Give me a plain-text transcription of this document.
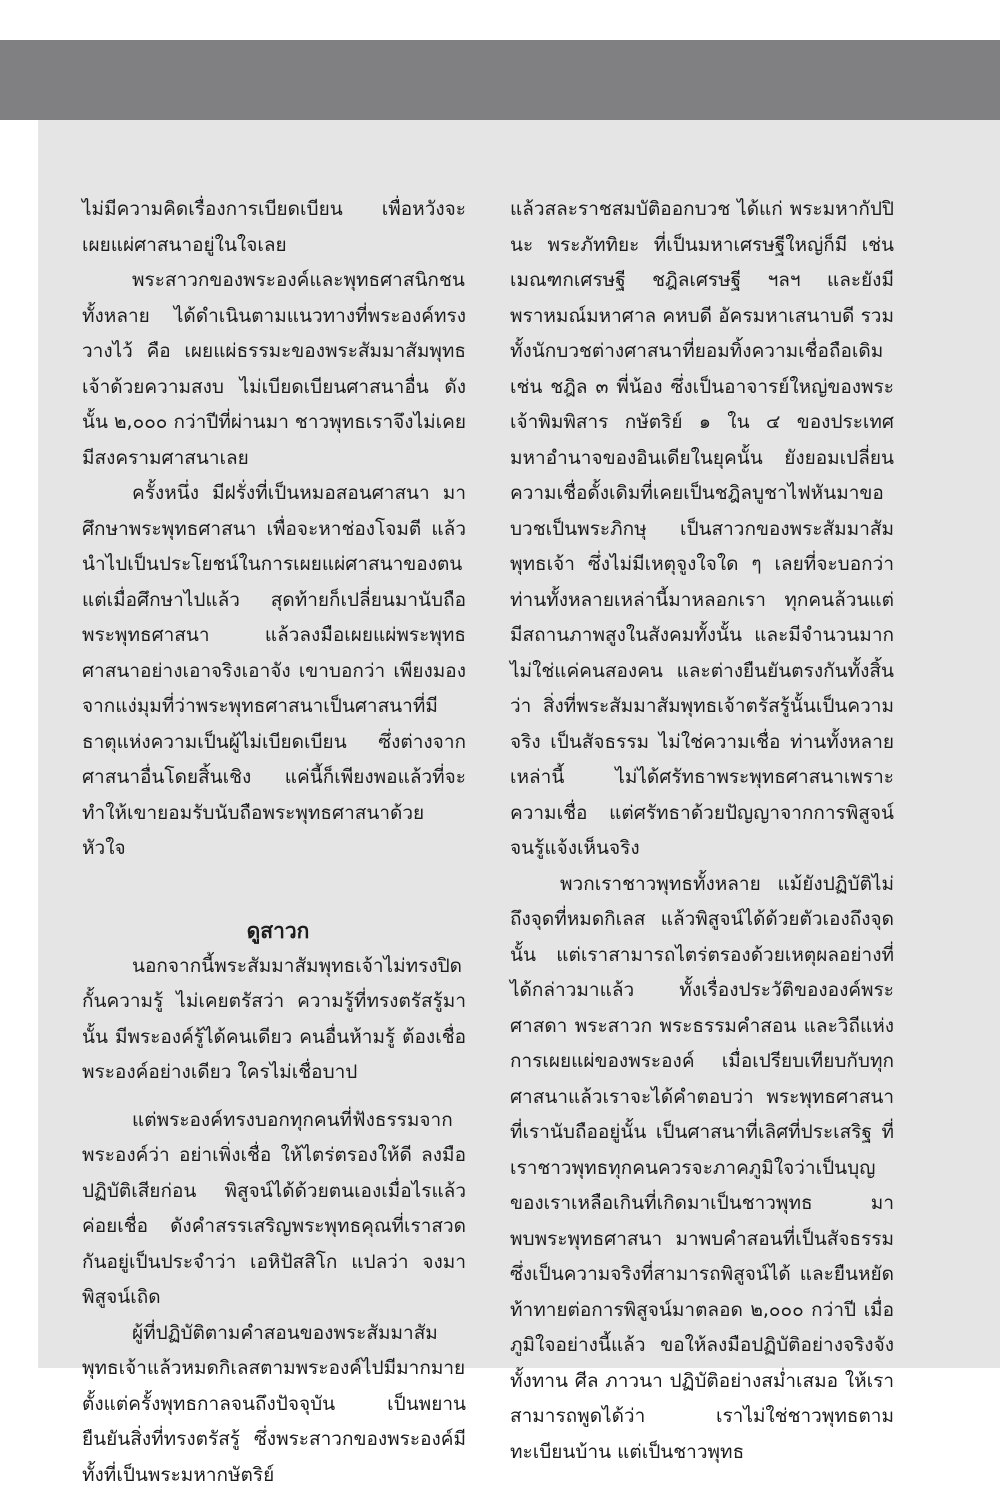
ไม่มีความคิดเรื่องการเบียดเบียน เพื่อหวังจะเผยแผ่ศาสนาอยู่ในใจเลย

พระสาวกของพระองค์และพุทธศาสนิกชนทั้งหลาย ได้ดำเนินตามแนวทางที่พระองค์ทรงวางไว้ คือ เผยแผ่ธรรมะของพระสัมมาสัมพุทธเจ้าด้วยความสงบ ไม่เบียดเบียนศาสนาอื่น ดังนั้น ๒,๐๐๐ กว่าปีที่ผ่านมา ชาวพุทธเราจึงไม่เคยมีสงครามศาสนาเลย

ครั้งหนึ่ง มีฝรั่งที่เป็นหมอสอนศาสนา มาศึกษาพระพุทธศาสนา เพื่อจะหาช่องโจมตี แล้วนำไปเป็นประโยชน์ในการเผยแผ่ศาสนาของตน แต่เมื่อศึกษาไปแล้ว สุดท้ายก็เปลี่ยนมานับถือพระพุทธศาสนา แล้วลงมือเผยแผ่พระพุทธศาสนาอย่างเอาจริงเอาจัง เขาบอกว่า เพียงมองจากแง่มุมที่ว่าพระพุทธศาสนาเป็นศาสนาที่มีธาตุแห่งความเป็นผู้ไม่เบียดเบียน ซึ่งต่างจากศาสนาอื่นโดยสิ้นเชิง แค่นี้ก็เพียงพอแล้วที่จะทำให้เขายอมรับนับถือพระพุทธศาสนาด้วยหัวใจ

ดูสาวก

นอกจากนี้พระสัมมาสัมพุทธเจ้าไม่ทรงปิดกั้นความรู้ ไม่เคยตรัสว่า ความรู้ที่ทรงตรัสรู้มานั้น มีพระองค์รู้ได้คนเดียว คนอื่นห้ามรู้ ต้องเชื่อพระองค์อย่างเดียว ใครไม่เชื่อบาป

แต่พระองค์ทรงบอกทุกคนที่ฟังธรรมจากพระองค์ว่า อย่าเพิ่งเชื่อ ให้ไตร่ตรองให้ดี ลงมือปฏิบัติเสียก่อน พิสูจน์ได้ด้วยตนเองเมื่อไรแล้วค่อยเชื่อ ดังคำสรรเสริญพระพุทธคุณที่เราสวดกันอยู่เป็นประจำว่า เอหิปัสสิโก แปลว่า จงมาพิสูจน์เถิด

ผู้ที่ปฏิบัติตามคำสอนของพระสัมมาสัมพุทธเจ้าแล้วหมดกิเลสตามพระองค์ไปมีมากมาย ตั้งแต่ครั้งพุทธกาลจนถึงปัจจุบัน เป็นพยานยืนยันสิ่งที่ทรงตรัสรู้ ซึ่งพระสาวกของพระองค์มีทั้งที่เป็นพระมหากษัตริย์

แล้วสละราชสมบัติออกบวช ได้แก่ พระมหากัปปินะ พระภัททิยะ ที่เป็นมหาเศรษฐีใหญ่ก็มี เช่น เมณฑกเศรษฐี ชฎิลเศรษฐี ฯลฯ และยังมีพราหมณ์มหาศาล คหบดี อัครมหาเสนาบดี รวมทั้งนักบวชต่างศาสนาที่ยอมทิ้งความเชื่อถือเดิม เช่น ชฎิล ๓ พี่น้อง ซึ่งเป็นอาจารย์ใหญ่ของพระเจ้าพิมพิสาร กษัตริย์ ๑ ใน ๔ ของประเทศมหาอำนาจของอินเดียในยุคนั้น ยังยอมเปลี่ยนความเชื่อดั้งเดิมที่เคยเป็นชฎิลบูชาไฟหันมาขอบวชเป็นพระภิกษุ เป็นสาวกของพระสัมมาสัมพุทธเจ้า ซึ่งไม่มีเหตุจูงใจใด ๆ เลยที่จะบอกว่าท่านทั้งหลายเหล่านี้มาหลอกเรา ทุกคนล้วนแต่มีสถานภาพสูงในสังคมทั้งนั้น และมีจำนวนมาก ไม่ใช่แค่คนสองคน และต่างยืนยันตรงกันทั้งสิ้นว่า สิ่งที่พระสัมมาสัมพุทธเจ้าตรัสรู้นั้นเป็นความจริง เป็นสัจธรรม ไม่ใช่ความเชื่อ ท่านทั้งหลายเหล่านี้ ไม่ได้ศรัทธาพระพุทธศาสนาเพราะความเชื่อ แต่ศรัทธาด้วยปัญญาจากการพิสูจน์จนรู้แจ้งเห็นจริง

พวกเราชาวพุทธทั้งหลาย แม้ยังปฏิบัติไม่ถึงจุดที่หมดกิเลส แล้วพิสูจน์ได้ด้วยตัวเองถึงจุดนั้น แต่เราสามารถไตร่ตรองด้วยเหตุผลอย่างที่ได้กล่าวมาแล้ว ทั้งเรื่องประวัติขององค์พระศาสดา พระสาวก พระธรรมคำสอน และวิถีแห่งการเผยแผ่ของพระองค์ เมื่อเปรียบเทียบกับทุกศาสนาแล้วเราจะได้คำตอบว่า พระพุทธศาสนาที่เรานับถืออยู่นั้น เป็นศาสนาที่เลิศที่ประเสริฐ ที่เราชาวพุทธทุกคนควรจะภาคภูมิใจว่าเป็นบุญของเราเหลือเกินที่เกิดมาเป็นชาวพุทธ มาพบพระพุทธศาสนา มาพบคำสอนที่เป็นสัจธรรม ซึ่งเป็นความจริงที่สามารถพิสูจน์ได้ และยืนหยัดท้าทายต่อการพิสูจน์มาตลอด ๒,๐๐๐ กว่าปี เมื่อภูมิใจอย่างนี้แล้ว ขอให้ลงมือปฏิบัติอย่างจริงจังทั้งทาน ศีล ภาวนา ปฏิบัติอย่างสม่ำเสมอ ให้เราสามารถพูดได้ว่า เราไม่ใช่ชาวพุทธตามทะเบียนบ้าน แต่เป็นชาวพุทธ
